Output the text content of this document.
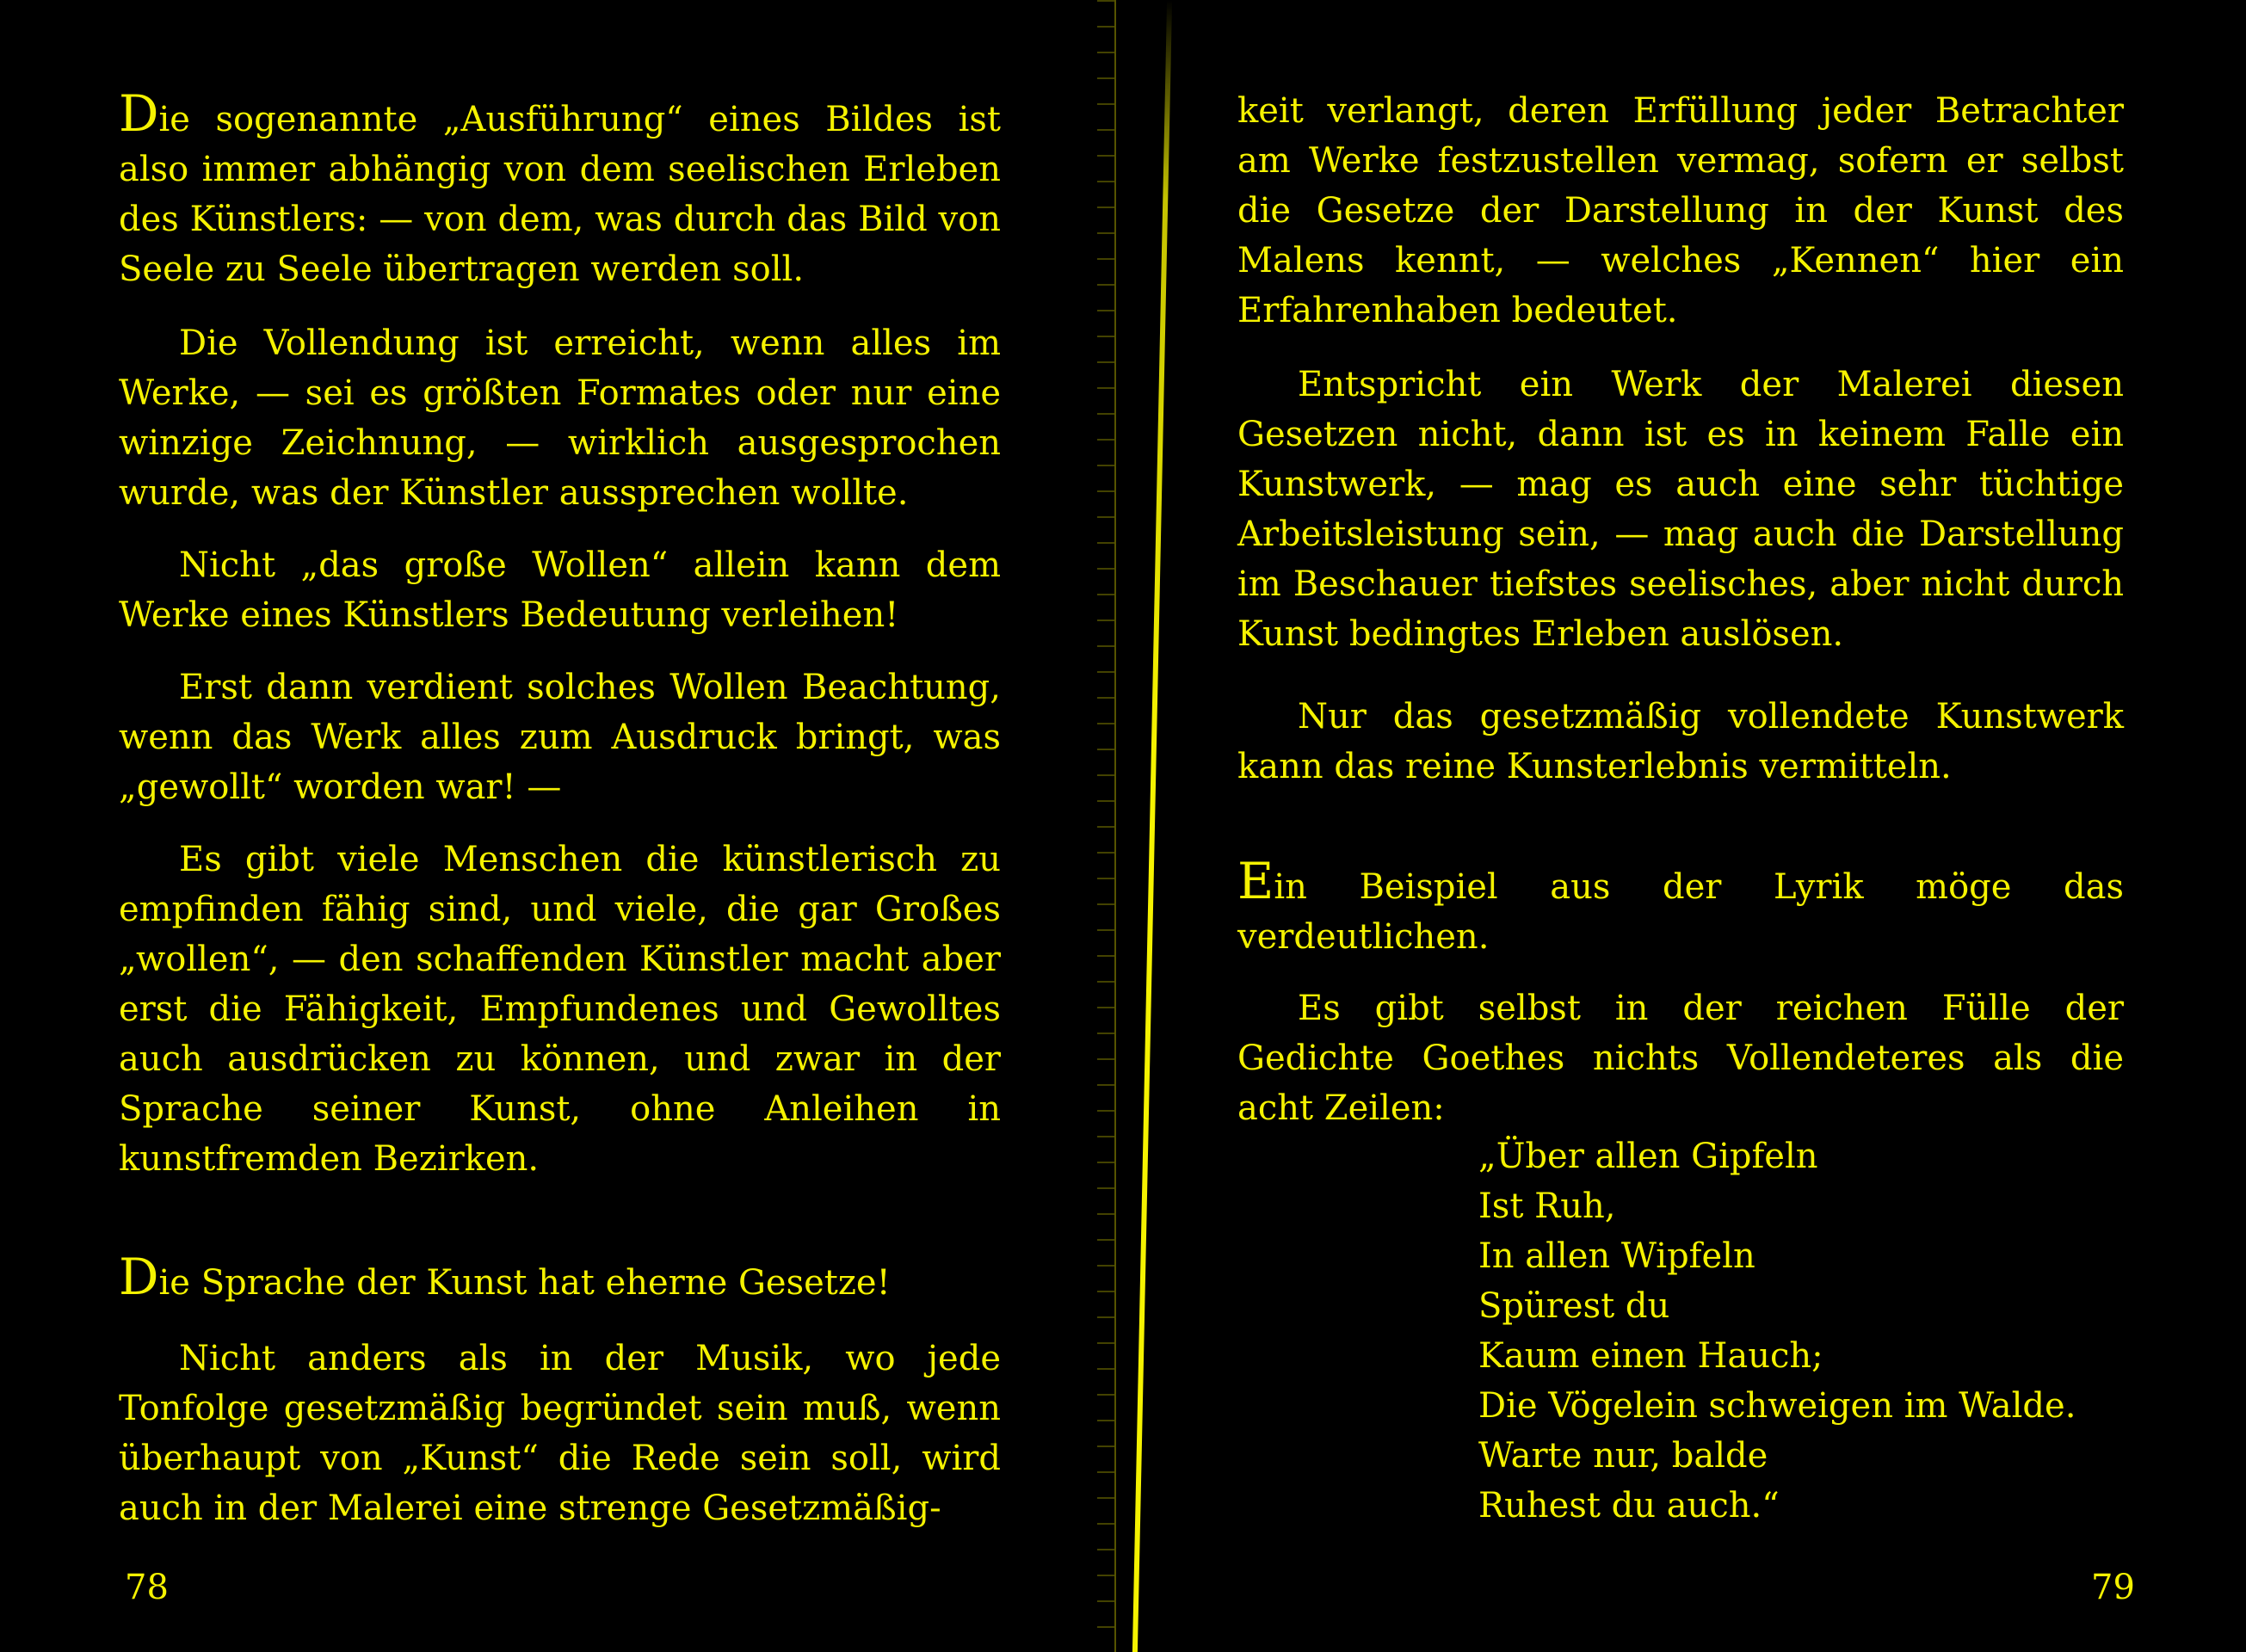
Die sogenannte „Ausführung“ eines Bildes ist also immer abhängig von dem seelischen Erleben des Künstlers: — von dem, was durch das Bild von Seele zu Seele übertragen werden soll.

Die Vollendung ist erreicht, wenn alles im Werke, — sei es größten Formates oder nur eine winzige Zeichnung, — wirklich ausgesprochen wurde, was der Künstler aussprechen wollte.

Nicht „das große Wollen“ allein kann dem Werke eines Künstlers Bedeutung verleihen!

Erst dann verdient solches Wollen Beachtung, wenn das Werk alles zum Ausdruck bringt, was „gewollt“ worden war! —

Es gibt viele Menschen die künstlerisch zu empfinden fähig sind, und viele, die gar Großes „wollen“, — den schaffenden Künstler macht aber erst die Fähigkeit, Empfundenes und Gewolltes auch ausdrücken zu können, und zwar in der Sprache seiner Kunst, ohne Anleihen in kunstfremden Bezirken.

Die Sprache der Kunst hat eherne Gesetze!

Nicht anders als in der Musik, wo jede Tonfolge gesetzmäßig begründet sein muß, wenn überhaupt von „Kunst“ die Rede sein soll, wird auch in der Malerei eine strenge Gesetzmäßig-

78

keit verlangt, deren Erfüllung jeder Betrachter am Werke festzustellen vermag, sofern er selbst die Gesetze der Darstellung in der Kunst des Malens kennt, — welches „Kennen“ hier ein Erfahrenhaben bedeutet.

Entspricht ein Werk der Malerei diesen Gesetzen nicht, dann ist es in keinem Falle ein Kunstwerk, — mag es auch eine sehr tüchtige Arbeitsleistung sein, — mag auch die Darstellung im Beschauer tiefstes seelisches, aber nicht durch Kunst bedingtes Erleben auslösen.

Nur das gesetzmäßig vollendete Kunstwerk kann das reine Kunsterlebnis vermitteln.

Ein Beispiel aus der Lyrik möge das verdeutlichen.

Es gibt selbst in der reichen Fülle der Gedichte Goethes nichts Vollendeteres als die acht Zeilen:

79
„Über allen Gipfeln
Ist Ruh,
In allen Wipfeln
Spürest du
Kaum einen Hauch;
Die Vögelein schweigen im Walde.
Warte nur, balde
Ruhest du auch.“
